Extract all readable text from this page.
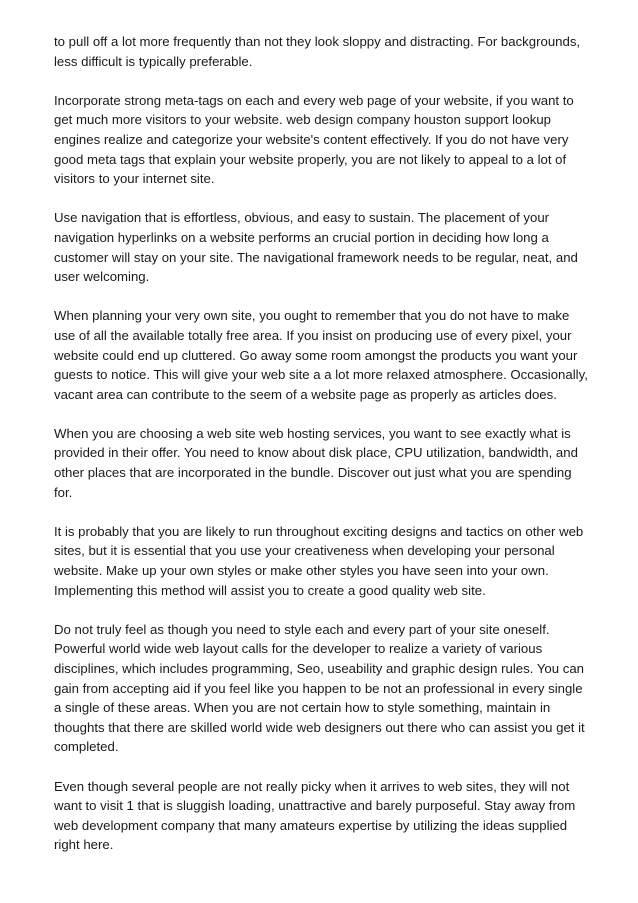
to pull off a lot more frequently than not they look sloppy and distracting. For backgrounds, less difficult is typically preferable.

Incorporate strong meta-tags on each and every web page of your website, if you want to get much more visitors to your website. web design company houston support lookup engines realize and categorize your website's content effectively. If you do not have very good meta tags that explain your website properly, you are not likely to appeal to a lot of visitors to your internet site.

Use navigation that is effortless, obvious, and easy to sustain. The placement of your navigation hyperlinks on a website performs an crucial portion in deciding how long a customer will stay on your site. The navigational framework needs to be regular, neat, and user welcoming.

When planning your very own site, you ought to remember that you do not have to make use of all the available totally free area. If you insist on producing use of every pixel, your website could end up cluttered. Go away some room amongst the products you want your guests to notice. This will give your web site a a lot more relaxed atmosphere. Occasionally, vacant area can contribute to the seem of a website page as properly as articles does.

When you are choosing a web site web hosting services, you want to see exactly what is provided in their offer. You need to know about disk place, CPU utilization, bandwidth, and other places that are incorporated in the bundle. Discover out just what you are spending for.

It is probably that you are likely to run throughout exciting designs and tactics on other web sites, but it is essential that you use your creativeness when developing your personal website. Make up your own styles or make other styles you have seen into your own. Implementing this method will assist you to create a good quality web site.

Do not truly feel as though you need to style each and every part of your site oneself. Powerful world wide web layout calls for the developer to realize a variety of various disciplines, which includes programming, Seo, useability and graphic design rules. You can gain from accepting aid if you feel like you happen to be not an professional in every single a single of these areas. When you are not certain how to style something, maintain in thoughts that there are skilled world wide web designers out there who can assist you get it completed.

Even though several people are not really picky when it arrives to web sites, they will not want to visit 1 that is sluggish loading, unattractive and barely purposeful. Stay away from web development company that many amateurs expertise by utilizing the ideas supplied right here.
